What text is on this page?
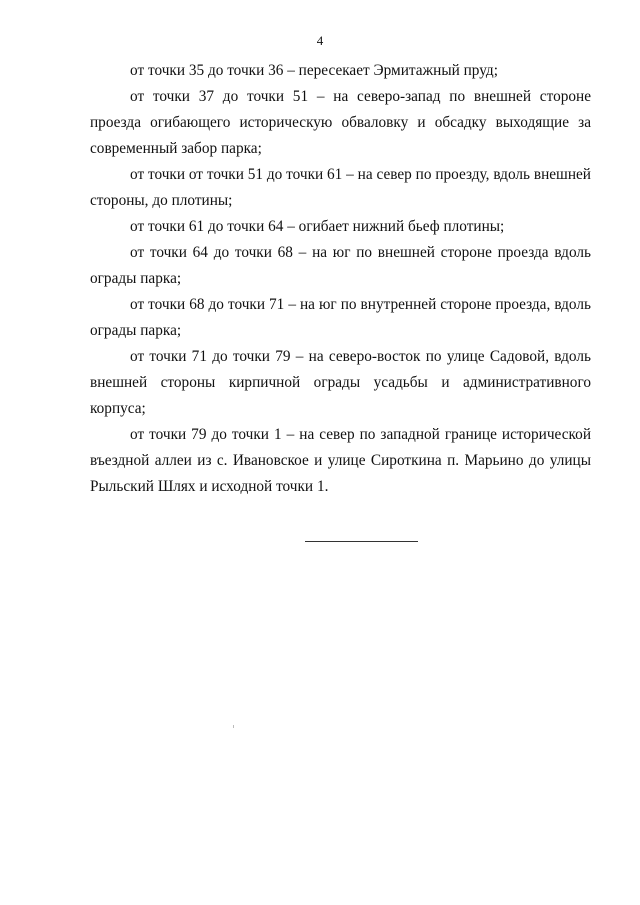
4

от точки 35 до точки 36 – пересекает Эрмитажный пруд;

от точки 37 до точки 51 – на северо-запад по внешней стороне проезда огибающего историческую обваловку и обсадку выходящие за современный забор парка;

от точки от точки 51 до точки 61 – на север по проезду, вдоль внешней стороны, до плотины;

от точки 61 до точки 64 – огибает нижний бьеф плотины;

от точки 64 до точки 68 – на юг по внешней стороне проезда вдоль ограды парка;

от точки 68 до точки 71 – на юг по внутренней стороне проезда, вдоль ограды парка;

от точки 71 до точки 79 – на северо-восток по улице Садовой, вдоль внешней стороны кирпичной ограды усадьбы и административного корпуса;

от точки 79 до точки 1 – на север по западной границе исторической въездной аллеи из с. Ивановское и улице Сироткина п. Марьино до улицы Рыльский Шлях и исходной точки 1.
